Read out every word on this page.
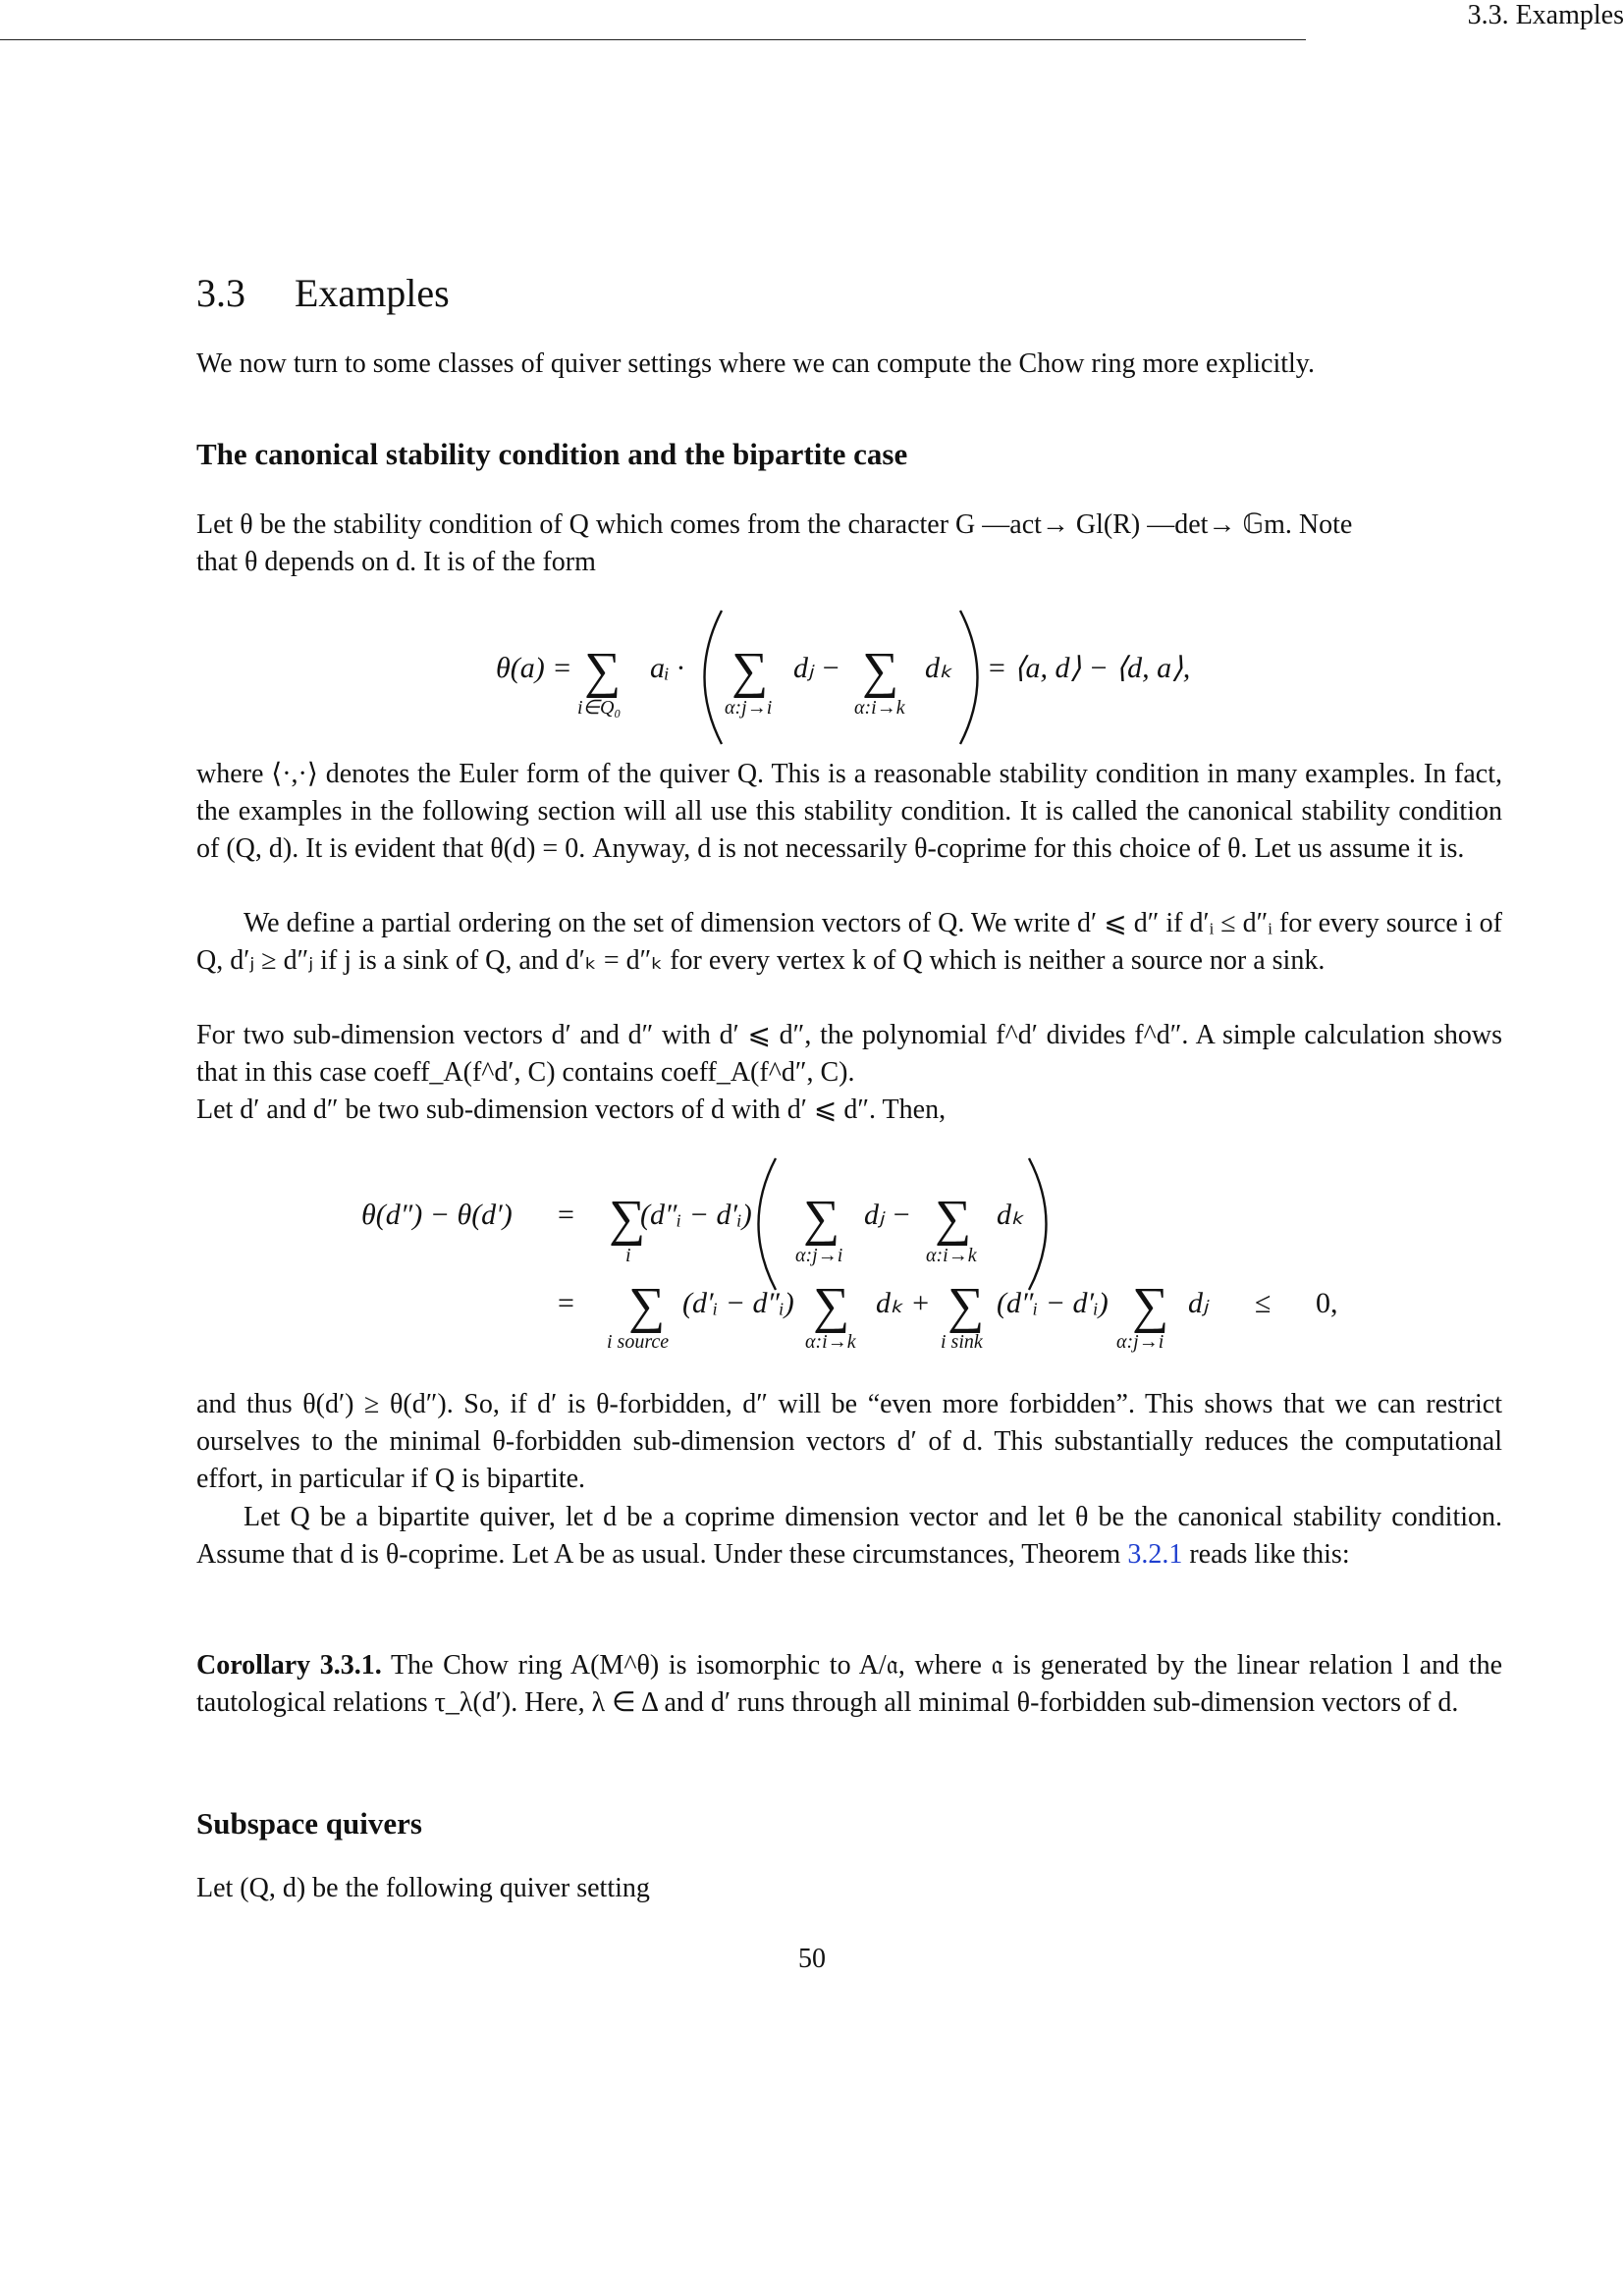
3.3. Examples
3.3 Examples
We now turn to some classes of quiver settings where we can compute the Chow ring more explicitly.
The canonical stability condition and the bipartite case
Let θ be the stability condition of Q which comes from the character G —act→ Gl(R) —det→ 𝔾m. Note
that θ depends on d. It is of the form
θ(a) = ∑
i∈Q₀
aᵢ · ∑
α:j→i
dⱼ − ∑
α:i→k
dₖ = ⟨a, d⟩ − ⟨d, a⟩,
where ⟨·,·⟩ denotes the Euler form of the quiver Q. This is a reasonable stability condition in many examples. In fact, the examples in the following section will all use this stability condition. It is called the canonical stability condition of (Q, d). It is evident that θ(d) = 0. Anyway, d is not necessarily θ-coprime for this choice of θ. Let us assume it is.
We define a partial ordering on the set of dimension vectors of Q. We write d′ ⩽ d″ if d′ᵢ ≤ d″ᵢ for every source i of Q, d′ⱼ ≥ d″ⱼ if j is a sink of Q, and d′ₖ = d″ₖ for every vertex k of Q which is neither a source nor a sink.
For two sub-dimension vectors d′ and d″ with d′ ⩽ d″, the polynomial f^d′ divides f^d″. A simple calculation shows that in this case coeff_A(f^d′, C) contains coeff_A(f^d″, C).
Let d′ and d″ be two sub-dimension vectors of d with d′ ⩽ d″. Then,
θ(d″) − θ(d′) = ∑
i
(d″ᵢ − d′ᵢ) ∑
α:j→i
dⱼ − ∑
α:i→k
dₖ
= ∑
i source
(d′ᵢ − d″ᵢ) ∑
α:i→k
dₖ + ∑
i sink
(d″ᵢ − d′ᵢ) ∑
α:j→i
dⱼ ≤ 0,
and thus θ(d′) ≥ θ(d″). So, if d′ is θ-forbidden, d″ will be “even more forbidden”. This shows that we can restrict ourselves to the minimal θ-forbidden sub-dimension vectors d′ of d. This substantially reduces the computational effort, in particular if Q is bipartite.
Let Q be a bipartite quiver, let d be a coprime dimension vector and let θ be the canonical stability condition. Assume that d is θ-coprime. Let A be as usual. Under these circumstances, Theorem 3.2.1 reads like this:
Corollary 3.3.1. The Chow ring A(M^θ) is isomorphic to A/𝔞, where 𝔞 is generated by the linear relation l and the tautological relations τ_λ(d′). Here, λ ∈ Δ and d′ runs through all minimal θ-forbidden sub-dimension vectors of d.
Subspace quivers
Let (Q, d) be the following quiver setting
50
